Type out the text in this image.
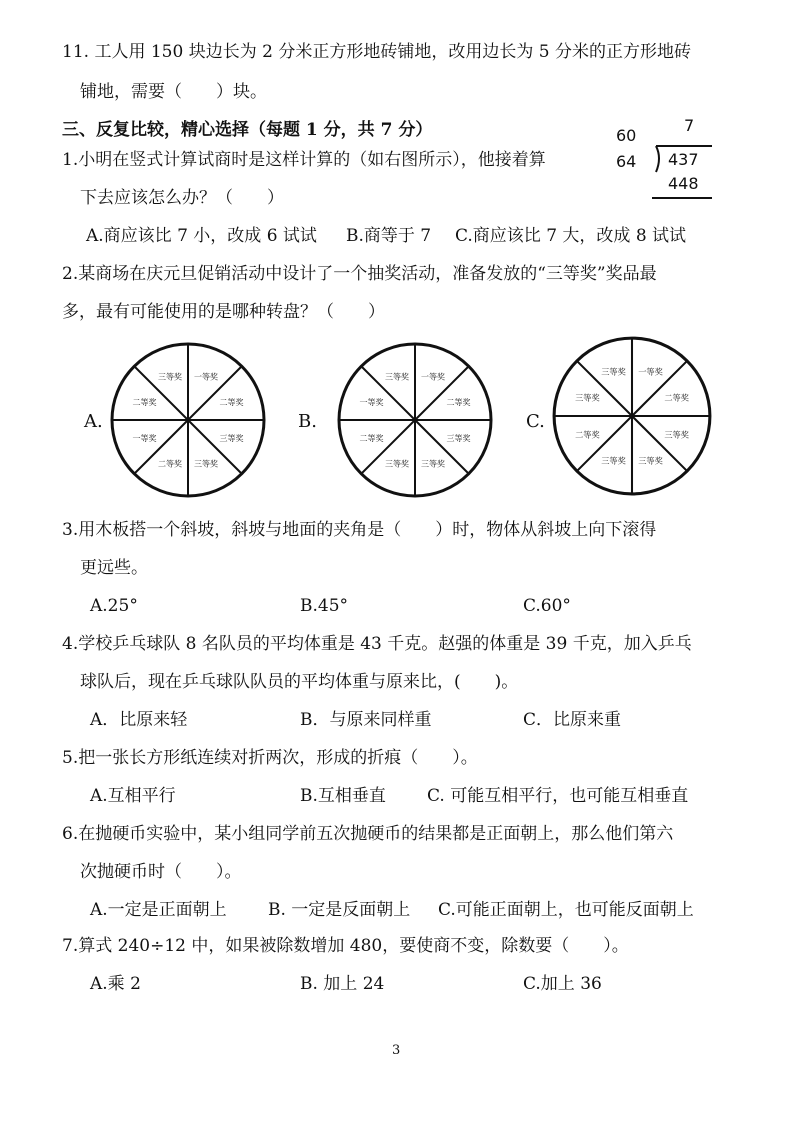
11. 工人用 150 块边长为 2 分米正方形地砖铺地，改用边长为 5 分米的正方形地砖
铺地，需要（　　）块。
三、反复比较，精心选择（每题 1 分，共 7 分）	7
60
64 437
448
1.小明在竖式计算试商时是这样计算的（如右图所示），他接着算
下去应该怎么办？（　　）
A.商应该比 7 小，改成 6 试试 B.商等于 7 C.商应该比 7 大，改成 8 试试
2.某商场在庆元旦促销活动中设计了一个抽奖活动，准备发放的“三等奖”奖品最
多，最有可能使用的是哪种转盘？（　　）
A.
一等奖
二等奖
三等奖
三等奖
二等奖
一等奖
二等奖
三等奖
B.
一等奖
二等奖
三等奖
三等奖
三等奖
二等奖
一等奖
三等奖
C.
一等奖
二等奖
三等奖
三等奖
三等奖
二等奖
三等奖
三等奖
3.用木板搭一个斜坡，斜坡与地面的夹角是（　　）时，物体从斜坡上向下滚得
更远些。
A.25°	B.45°	C.60°
4.学校乒乓球队 8 名队员的平均体重是 43 千克。赵强的体重是 39 千克，加入乒乓
球队后，现在乒乓球队队员的平均体重与原来比，(　　)。
A．比原来轻	B．与原来同样重	C．比原来重
5.把一张长方形纸连续对折两次，形成的折痕（　　）。
A.互相平行	B.互相垂直 C. 可能互相平行，也可能互相垂直
6.在抛硬币实验中，某小组同学前五次抛硬币的结果都是正面朝上，那么他们第六
次抛硬币时（　　）。
A.一定是正面朝上 B. 一定是反面朝上 C.可能正面朝上，也可能反面朝上
7.算式 240÷12 中，如果被除数增加 480，要使商不变，除数要（　　）。
A.乘 2	B. 加上 24	C.加上 36
3
